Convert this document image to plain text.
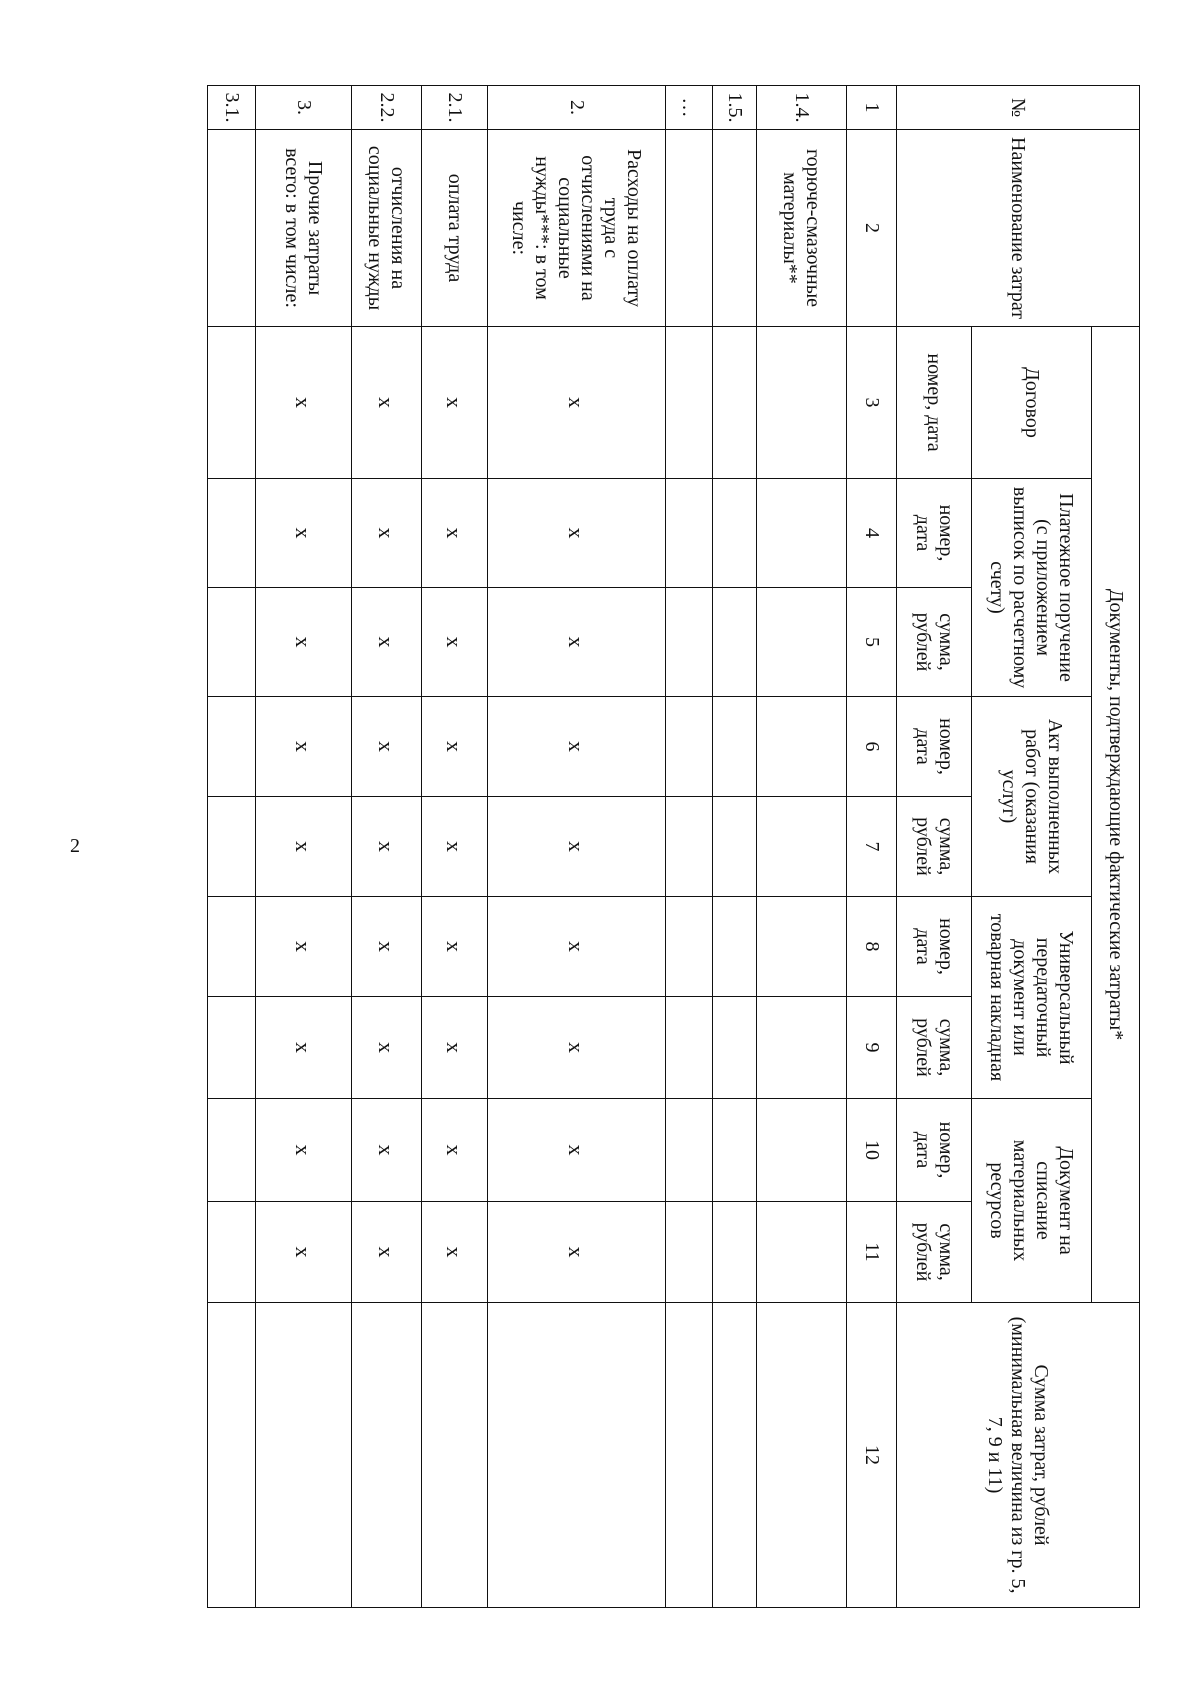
2
№	Наименование затрат	Документы, подтверждающие фактические затраты*									Сумма затрат, рублей (минимальная величина из гр. 5, 7, 9 и 11)
		Договор	Платежное поручение (с приложением выписок по расчетному счету)		Акт выполненных работ (оказания услуг)		Универсальный передаточный документ или товарная накладная		Документ на списание материальных ресурсов		
		номер, дата	номер, дата	сумма, рублей	номер, дата	сумма, рублей	номер, дата	сумма, рублей	номер, дата	сумма, рублей	
1	2	3	4	5	6	7	8	9	10	11	12
1.4.	горюче-смазочные материалы**										
1.5.											
…											
2.	Расходы на оплату труда с отчислениями на социальные нужды***: в том числе:	x	x	x	x	x	x	x	x	x	
2.1.	оплата труда	x	x	x	x	x	x	x	x	x	
2.2.	отчисления на социальные нужды	x	x	x	x	x	x	x	x	x	
3.	Прочие затраты всего: в том числе:	x	x	x	x	x	x	x	x	x	
3.1.											
